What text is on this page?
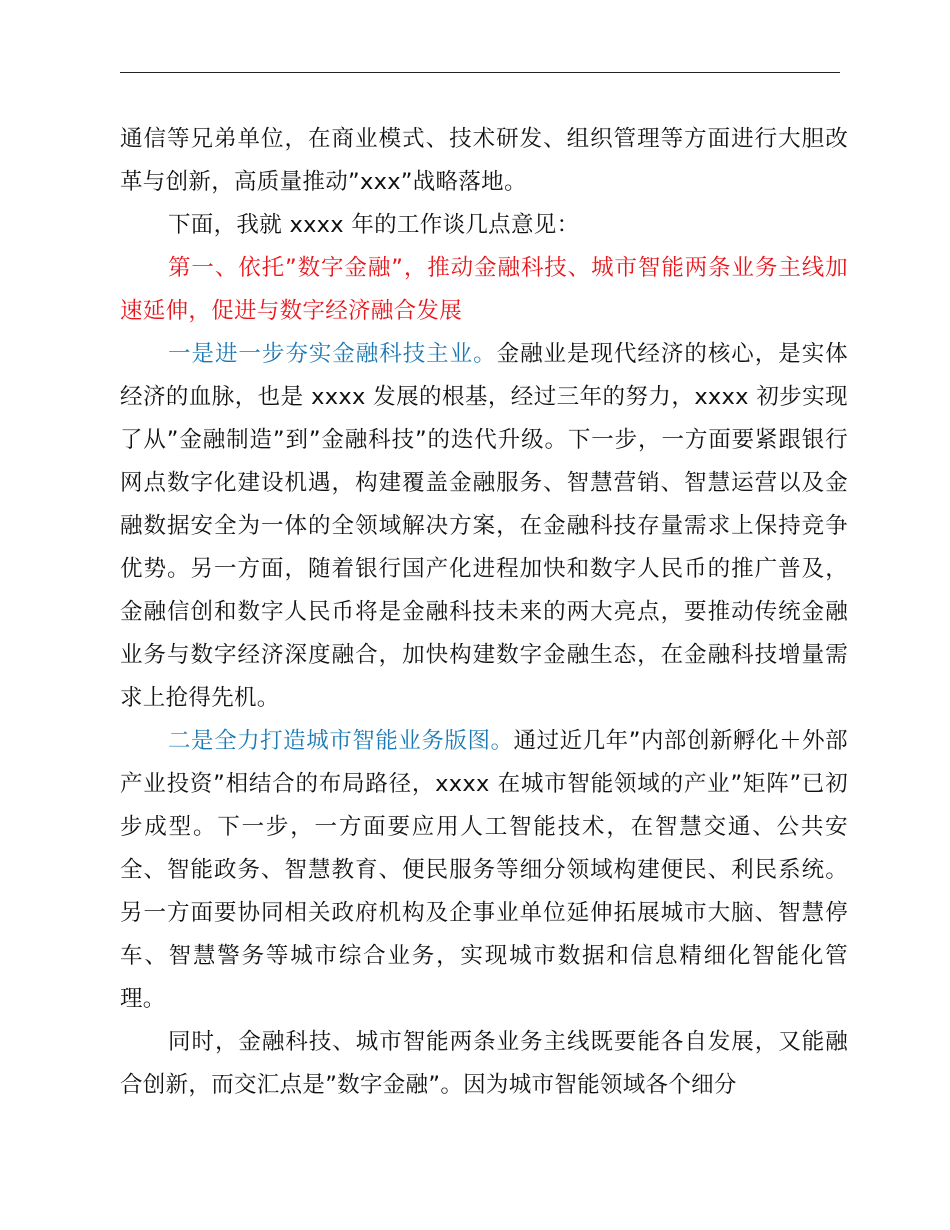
通信等兄弟单位，在商业模式、技术研发、组织管理等方面进行大胆改革与创新，高质量推动”xxx”战略落地。

下面，我就 xxxx 年的工作谈几点意见：

第一、依托”数字金融”，推动金融科技、城市智能两条业务主线加速延伸，促进与数字经济融合发展

一是进一步夯实金融科技主业。金融业是现代经济的核心，是实体经济的血脉，也是 xxxx 发展的根基，经过三年的努力，xxxx 初步实现了从”金融制造”到”金融科技”的迭代升级。下一步，一方面要紧跟银行网点数字化建设机遇，构建覆盖金融服务、智慧营销、智慧运营以及金融数据安全为一体的全领域解决方案，在金融科技存量需求上保持竞争优势。另一方面，随着银行国产化进程加快和数字人民币的推广普及，金融信创和数字人民币将是金融科技未来的两大亮点，要推动传统金融业务与数字经济深度融合，加快构建数字金融生态，在金融科技增量需求上抢得先机。

二是全力打造城市智能业务版图。通过近几年”内部创新孵化＋外部产业投资”相结合的布局路径，xxxx 在城市智能领域的产业”矩阵”已初步成型。下一步，一方面要应用人工智能技术，在智慧交通、公共安全、智能政务、智慧教育、便民服务等细分领域构建便民、利民系统。另一方面要协同相关政府机构及企事业单位延伸拓展城市大脑、智慧停车、智慧警务等城市综合业务，实现城市数据和信息精细化智能化管理。

同时，金融科技、城市智能两条业务主线既要能各自发展，又能融合创新，而交汇点是”数字金融”。因为城市智能领域各个细分
